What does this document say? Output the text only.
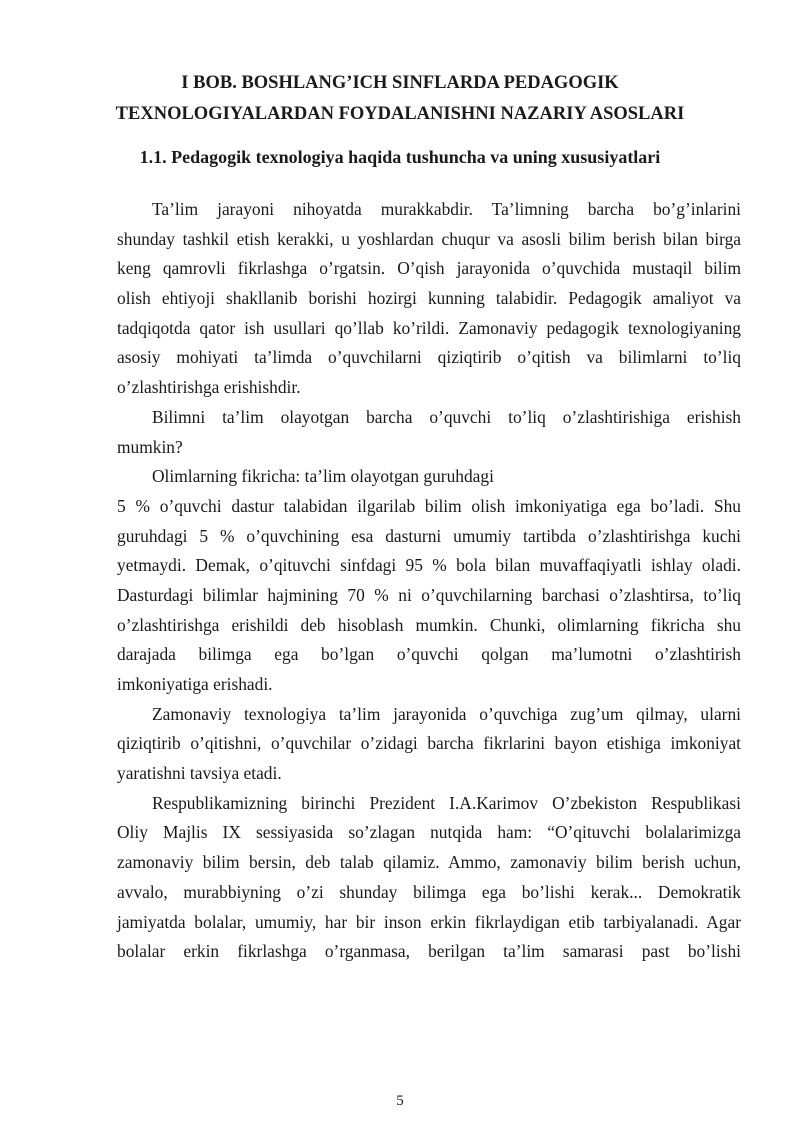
I BOB. BOSHLANG’ICH SINFLARDA PEDAGOGIK
TEXNOLOGIYALARDAN FOYDALANISHNI NAZARIY ASOSLARI
1.1. Pedagogik texnologiya haqida tushuncha va uning xususiyatlari
Ta’lim jarayoni nihoyatda murakkabdir. Ta’limning barcha bo’g’inlarini
shunday tashkil etish kerakki, u yoshlardan chuqur va asosli bilim berish bilan birga
keng qamrovli fikrlashga o’rgatsin. O’qish jarayonida o’quvchida mustaqil bilim
olish ehtiyoji shakllanib borishi hozirgi kunning talabidir. Pedagogik amaliyot va
tadqiqotda qator ish usullari qo’llab ko’rildi. Zamonaviy pedagogik texnologiyaning
asosiy mohiyati ta’limda o’quvchilarni qiziqtirib o’qitish va bilimlarni to’liq
o’zlashtirishga erishishdir.
Bilimni ta’lim olayotgan barcha o’quvchi to’liq o’zlashtirishiga erishish
mumkin?
Olimlarning fikricha: ta’lim olayotgan guruhdagi
5 % o’quvchi dastur talabidan ilgarilab bilim olish imkoniyatiga ega bo’ladi. Shu
guruhdagi 5 % o’quvchining esa dasturni umumiy tartibda o’zlashtirishga kuchi
yetmaydi. Demak, o’qituvchi sinfdagi 95 % bola bilan muvaffaqiyatli ishlay oladi.
Dasturdagi bilimlar hajmining 70 % ni o’quvchilarning barchasi o’zlashtirsa, to’liq
o’zlashtirishga erishildi deb hisoblash mumkin. Chunki, olimlarning fikricha shu
darajada bilimga ega bo’lgan o’quvchi qolgan ma’lumotni o’zlashtirish
imkoniyatiga erishadi.
Zamonaviy texnologiya ta’lim jarayonida o’quvchiga zug’um qilmay, ularni
qiziqtirib o’qitishni, o’quvchilar o’zidagi barcha fikrlarini bayon etishiga imkoniyat
yaratishni tavsiya etadi.
Respublikamizning birinchi Prezident I.A.Karimov O’zbekiston Respublikasi
Oliy Majlis IX sessiyasida so’zlagan nutqida ham: “O’qituvchi bolalarimizga
zamonaviy bilim bersin, deb talab qilamiz. Ammo, zamonaviy bilim berish uchun,
avvalo, murabbiyning o’zi shunday bilimga ega bo’lishi kerak... Demokratik
jamiyatda bolalar, umumiy, har bir inson erkin fikrlaydigan etib tarbiyalanadi. Agar
bolalar erkin fikrlashga o’rganmasa, berilgan ta’lim samarasi past bo’lishi
5
